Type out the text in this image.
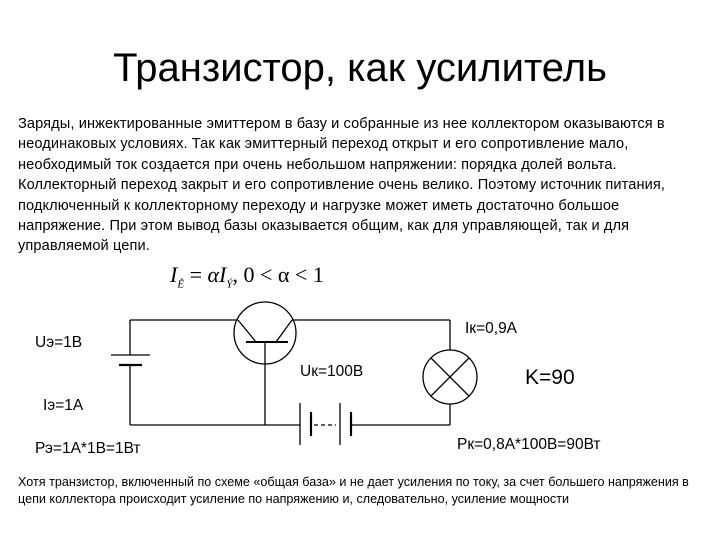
Транзистор, как усилитель
Заряды, инжектированные эмиттером в базу и собранные из нее коллектором оказываются в неодинаковых условиях. Так как эмиттерный переход открыт и его сопротивление мало, необходимый ток создается при очень небольшом напряжении: порядка долей вольта. Коллекторный переход закрыт и его сопротивление очень велико. Поэтому источник питания, подключенный к коллекторному переходу и нагрузке может иметь достаточно большое напряжение. При этом вывод базы оказывается общим, как для управляющей, так и для управляемой цепи.
$I_Ê = \alpha I_Ý$, 0 < α < 1
Uэ=1В
Iк=0,9А
Uк=100В	K=90
Iэ=1А
Рэ=1А*1В=1Вт	Рк=0,8А*100В=90Вт
Хотя транзистор, включенный по схеме «общая база» и не дает усиления по току, за счет большего напряжения в цепи коллектора происходит усиление по напряжению и, следовательно, усиление мощности
